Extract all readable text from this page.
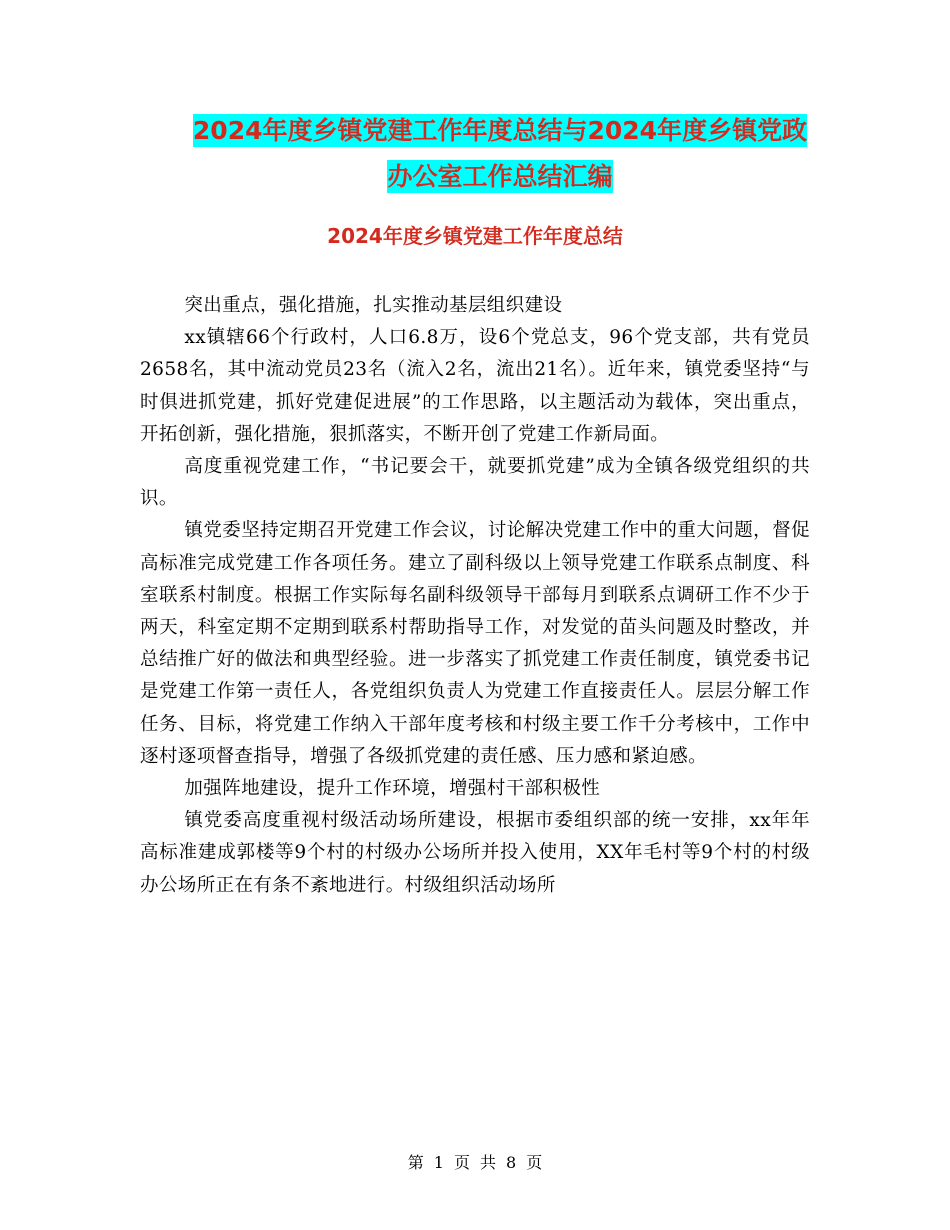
2024年度乡镇党建工作年度总结与2024年度乡镇党政
办公室工作总结汇编
2024年度乡镇党建工作年度总结

突出重点，强化措施，扎实推动基层组织建设

xx镇辖66个行政村，人口6.8万，设6个党总支，96个党支部，共有党员2658名，其中流动党员23名（流入2名，流出21名）。近年来，镇党委坚持“与时俱进抓党建，抓好党建促进展”的工作思路，以主题活动为载体，突出重点，开拓创新，强化措施，狠抓落实，不断开创了党建工作新局面。

高度重视党建工作，“书记要会干，就要抓党建”成为全镇各级党组织的共识。

镇党委坚持定期召开党建工作会议，讨论解决党建工作中的重大问题，督促高标准完成党建工作各项任务。建立了副科级以上领导党建工作联系点制度、科室联系村制度。根据工作实际每名副科级领导干部每月到联系点调研工作不少于两天，科室定期不定期到联系村帮助指导工作，对发觉的苗头问题及时整改，并总结推广好的做法和典型经验。进一步落实了抓党建工作责任制度，镇党委书记是党建工作第一责任人，各党组织负责人为党建工作直接责任人。层层分解工作任务、目标，将党建工作纳入干部年度考核和村级主要工作千分考核中，工作中逐村逐项督查指导，增强了各级抓党建的责任感、压力感和紧迫感。

加强阵地建设，提升工作环境，增强村干部积极性

镇党委高度重视村级活动场所建设，根据市委组织部的统一安排，xx年年高标准建成郭楼等9个村的村级办公场所并投入使用，XX年毛村等9个村的村级办公场所正在有条不紊地进行。村级组织活动场所

第 1 页 共 8 页
